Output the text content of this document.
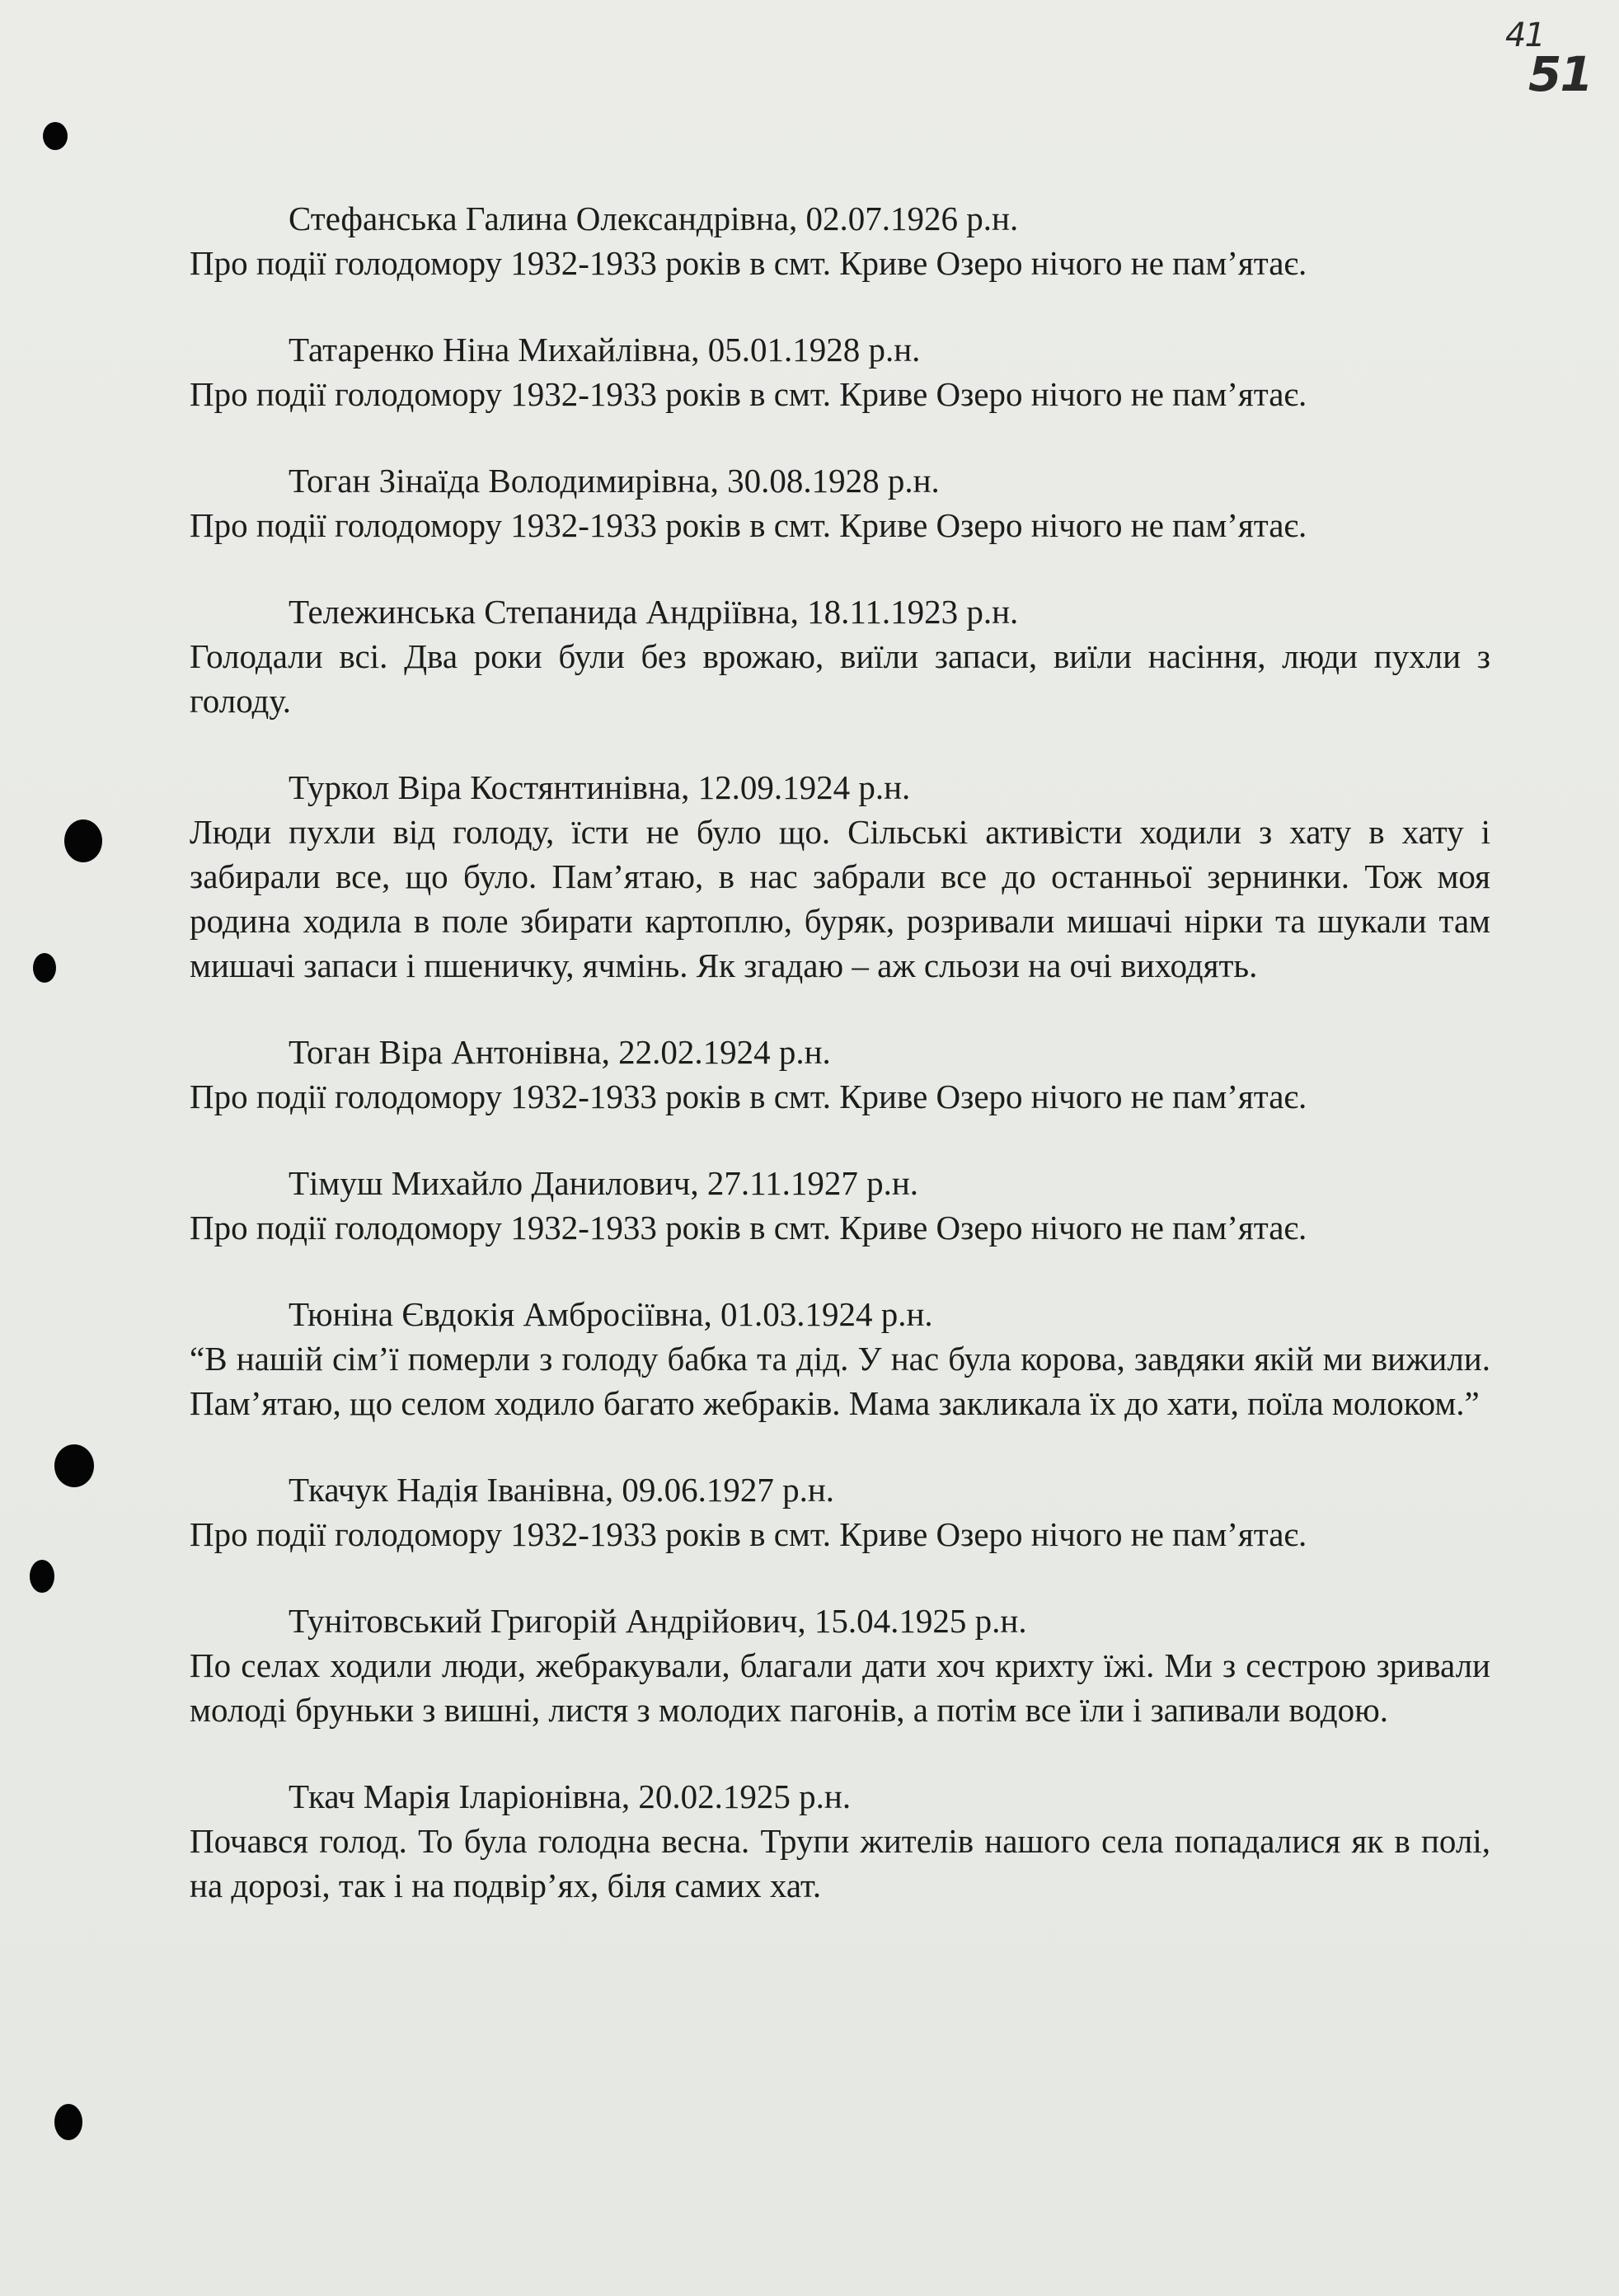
41
51
Стефанська Галина Олександрівна, 02.07.1926 р.н.
Про події голодомору 1932-1933 років в смт. Криве Озеро нічого не пам’ятає.
Татаренко Ніна Михайлівна, 05.01.1928 р.н.
Про події голодомору 1932-1933 років в смт. Криве Озеро нічого не пам’ятає.
Тоган Зінаїда Володимирівна, 30.08.1928 р.н.
Про події голодомору 1932-1933 років в смт. Криве Озеро нічого не пам’ятає.
Тележинська Степанида Андріївна, 18.11.1923 р.н.
Голодали всі. Два роки були без врожаю, виїли запаси, виїли насіння, люди пухли з голоду.
Туркол Віра Костянтинівна, 12.09.1924 р.н.
Люди пухли від голоду, їсти не було що. Сільські активісти ходили з хату в хату і забирали все, що було. Пам’ятаю, в нас забрали все до останньої зернинки. Тож моя родина ходила в поле збирати картоплю, буряк, розривали мишачі нірки та шукали там мишачі запаси і пшеничку, ячмінь. Як згадаю – аж сльози на очі виходять.
Тоган Віра Антонівна, 22.02.1924 р.н.
Про події голодомору 1932-1933 років в смт. Криве Озеро нічого не пам’ятає.
Тімуш Михайло Данилович, 27.11.1927 р.н.
Про події голодомору 1932-1933 років в смт. Криве Озеро нічого не пам’ятає.
Тюніна Євдокія Амбросіївна, 01.03.1924 р.н.
“В нашій сім’ї померли з голоду бабка та дід. У нас була корова, завдяки якій ми вижили. Пам’ятаю, що селом ходило багато жебраків. Мама закликала їх до хати, поїла молоком.”
Ткачук Надія Іванівна, 09.06.1927 р.н.
Про події голодомору 1932-1933 років в смт. Криве Озеро нічого не пам’ятає.
Тунітовський Григорій Андрійович, 15.04.1925 р.н.
По селах ходили люди, жебракували, благали дати хоч крихту їжі. Ми з сестрою зривали молоді бруньки з вишні, листя з молодих пагонів, а потім все їли і запивали водою.
Ткач Марія Іларіонівна, 20.02.1925 р.н.
Почався голод. То була голодна весна. Трупи жителів нашого села попадалися як в полі, на дорозі, так і на подвір’ях, біля самих хат.
